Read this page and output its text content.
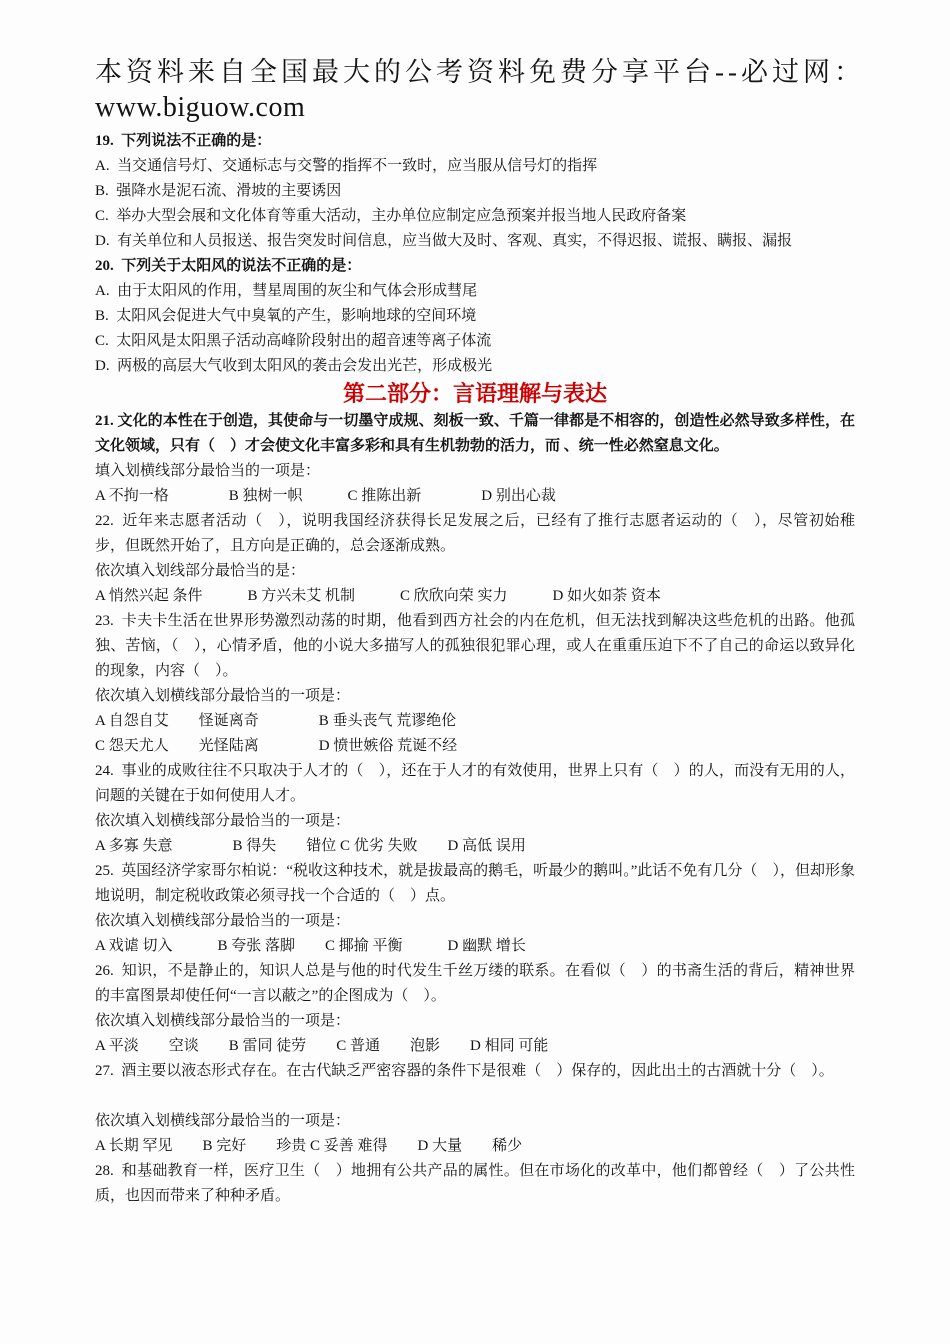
本资料来自全国最大的公考资料免费分享平台--必过网：
www.biguow.com
19.  下列说法不正确的是：
A.  当交通信号灯、交通标志与交警的指挥不一致时，应当服从信号灯的指挥
B.  强降水是泥石流、滑坡的主要诱因
C.  举办大型会展和文化体育等重大活动，主办单位应制定应急预案并报当地人民政府备案
D.  有关单位和人员报送、报告突发时间信息，应当做大及时、客观、真实，不得迟报、谎报、瞒报、漏报
20.  下列关于太阳风的说法不正确的是：
A.  由于太阳风的作用，彗星周围的灰尘和气体会形成彗尾
B.  太阳风会促进大气中臭氧的产生，影响地球的空间环境
C.  太阳风是太阳黑子活动高峰阶段射出的超音速等离子体流
D.  两极的高层大气收到太阳风的袭击会发出光芒，形成极光
第二部分：言语理解与表达
21. 文化的本性在于创造，其使命与一切墨守成规、刻板一致、千篇一律都是不相容的，创造性必然导致多样性，在文化领域，只有（　）才会使文化丰富多彩和具有生机勃勃的活力，而 、统一性必然窒息文化。
填入划横线部分最恰当的一项是：
A 不拘一格　　　　B 独树一帜　　　C 推陈出新　　　　D 别出心裁
22.  近年来志愿者活动（　），说明我国经济获得长足发展之后，已经有了推行志愿者运动的（　），尽管初始稚步，但既然开始了，且方向是正确的，总会逐渐成熟。
依次填入划线部分最恰当的是：
A 悄然兴起 条件　　　B 方兴未艾 机制　　　C 欣欣向荣 实力　　　D 如火如荼 资本
23.  卡夫卡生活在世界形势激烈动荡的时期，他看到西方社会的内在危机，但无法找到解决这些危机的出路。他孤独、苦恼，（　），心情矛盾，他的小说大多描写人的孤独很犯罪心理，或人在重重压迫下不了自己的命运以致异化的现象，内容（　）。
依次填入划横线部分最恰当的一项是：
A 自怨自艾　　怪诞离奇　　　　B 垂头丧气 荒谬绝伦
C 怨天尤人　　光怪陆离　　　　D 愤世嫉俗 荒诞不经
24.  事业的成败往往不只取决于人才的（　），还在于人才的有效使用，世界上只有（　）的人，而没有无用的人，问题的关键在于如何使用人才。
依次填入划横线部分最恰当的一项是：
A 多寡 失意　　　　B 得失　　错位 C 优劣 失败　　D 高低 误用
25.  英国经济学家哥尔柏说：“税收这种技术，就是拔最高的鹅毛，听最少的鹅叫。”此话不免有几分（　），但却形象地说明，制定税收政策必须寻找一个合适的（　）点。
依次填入划横线部分最恰当的一项是：
A 戏谑 切入　　　B 夸张 落脚　　C 揶揄 平衡　　　D 幽默 增长
26.  知识，不是静止的，知识人总是与他的时代发生千丝万缕的联系。在看似（　）的书斋生活的背后，精神世界的丰富图景却使任何“一言以蔽之”的企图成为（　）。
依次填入划横线部分最恰当的一项是：
A 平淡　　空谈　　B 雷同 徒劳　　C 普通　　泡影　　D 相同 可能
27.  酒主要以液态形式存在。在古代缺乏严密容器的条件下是很难（　）保存的，因此出土的古酒就十分（　）。
依次填入划横线部分最恰当的一项是：
A 长期 罕见　　B 完好　　珍贵 C 妥善 难得　　D 大量　　稀少
28.  和基础教育一样，医疗卫生（　）地拥有公共产品的属性。但在市场化的改革中，他们都曾经（　）了公共性质，也因而带来了种种矛盾。
